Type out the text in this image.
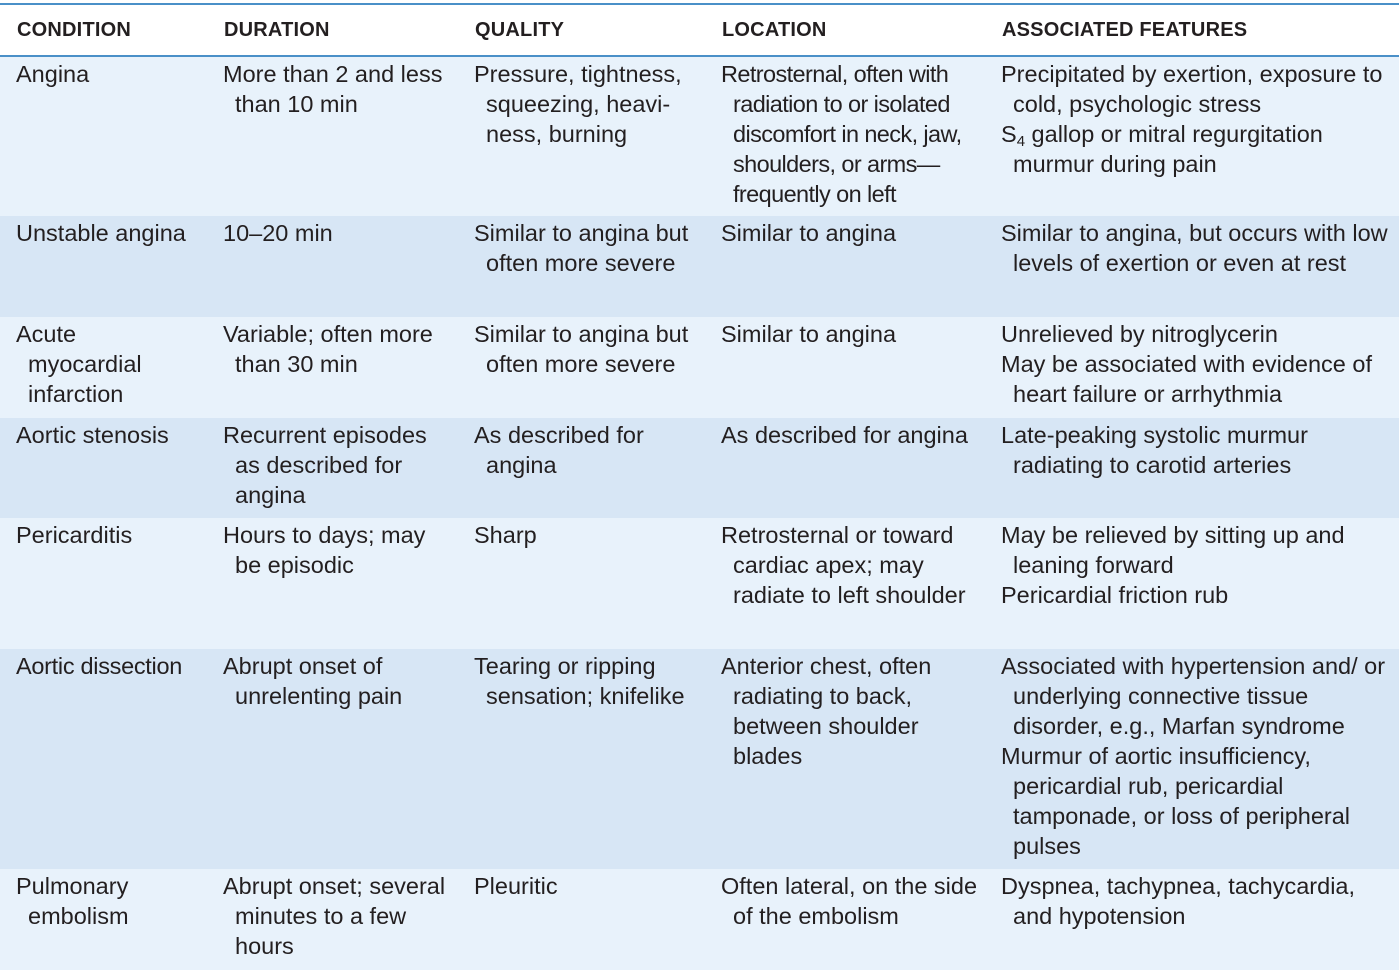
CONDITION	DURATION	QUALITY	LOCATION	ASSOCIATED FEATURES

Angina	More than 2 and less than 10 min	Pressure, tightness, squeezing, heavi-ness, burning	Retrosternal, often with radiation to or isolated discomfort in neck, jaw, shoulders, or arms—frequently on left	Precipitated by exertion, exposure to cold, psychologic stress
$S_4$ gallop or mitral regurgitation murmur during pain

Unstable angina	10–20 min	Similar to angina but often more severe	Similar to angina	Similar to angina, but occurs with low levels of exertion or even at rest

Acute myocardial infarction	Variable; often more than 30 min	Similar to angina but often more severe	Similar to angina	Unrelieved by nitroglycerin
May be associated with evidence of heart failure or arrhythmia

Aortic stenosis	Recurrent episodes as described for angina	As described for angina	As described for angina	Late-peaking systolic murmur radiating to carotid arteries

Pericarditis	Hours to days; may be episodic	Sharp	Retrosternal or toward cardiac apex; may radiate to left shoulder	May be relieved by sitting up and leaning forward
Pericardial friction rub

Aortic dissection	Abrupt onset of unrelenting pain	Tearing or ripping sensation; knifelike	Anterior chest, often radiating to back, between shoulder blades	Associated with hypertension and/ or underlying connective tissue disorder, e.g., Marfan syndrome
Murmur of aortic insufficiency, pericardial rub, pericardial tamponade, or loss of peripheral pulses

Pulmonary embolism	Abrupt onset; several minutes to a few hours	Pleuritic	Often lateral, on the side of the embolism	Dyspnea, tachypnea, tachycardia, and hypotension
